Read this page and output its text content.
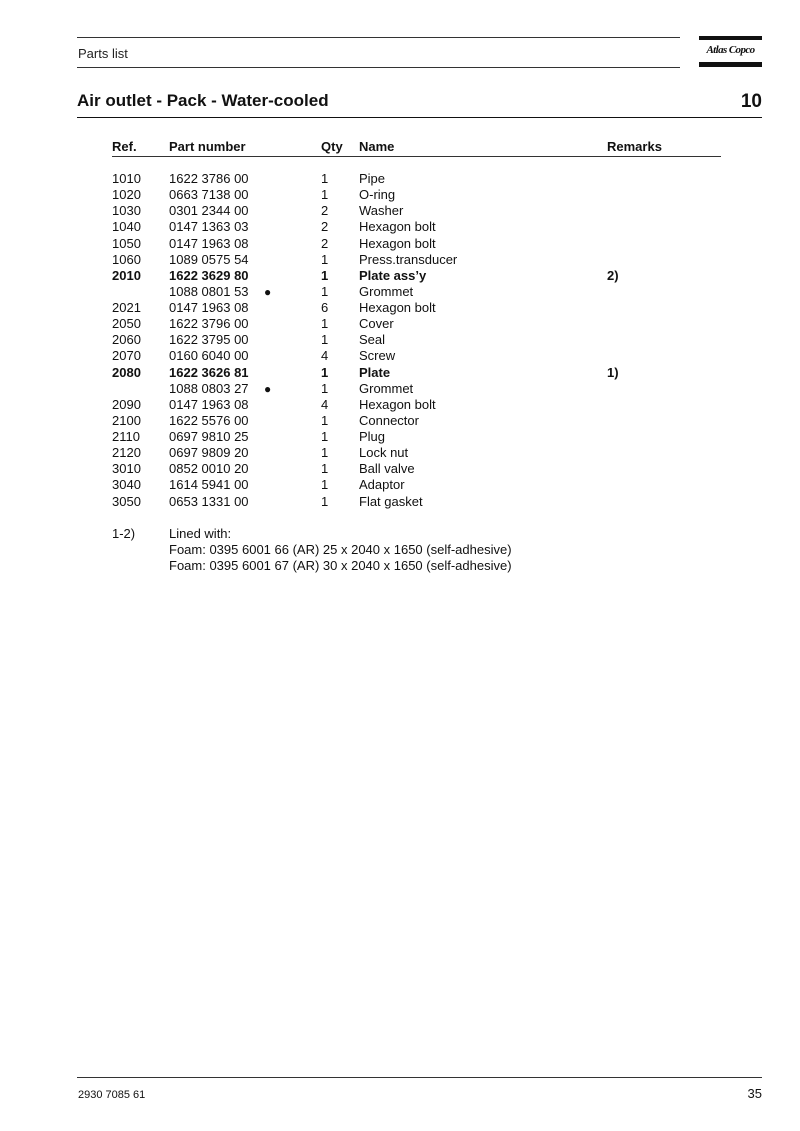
Parts list	Atlas Copco
Air outlet - Pack - Water-cooled	10
Ref. Part number	Qty Name	Remarks
1010 1622 3786 00	1 Pipe
1020 0663 7138 00	1 O-ring
1030 0301 2344 00	2 Washer
1040 0147 1363 03	2 Hexagon bolt
1050 0147 1963 08	2 Hexagon bolt
1060 1089 0575 54	1 Press.transducer
2010 1622 3629 80	1 Plate ass’y	2)
1088 0801 53 ●	1 Grommet
2021 0147 1963 08	6 Hexagon bolt
2050 1622 3796 00	1 Cover
2060 1622 3795 00	1 Seal
2070 0160 6040 00	4 Screw
2080 1622 3626 81	1 Plate	1)
1088 0803 27 ●	1 Grommet
2090 0147 1963 08	4 Hexagon bolt
2100 1622 5576 00	1 Connector
2110 0697 9810 25	1 Plug
2120 0697 9809 20	1 Lock nut
3010 0852 0010 20	1 Ball valve
3040 1614 5941 00	1 Adaptor
3050 0653 1331 00	1 Flat gasket
1-2)	Lined with:
Foam: 0395 6001 66 (AR) 25 x 2040 x 1650 (self-adhesive)
Foam: 0395 6001 67 (AR) 30 x 2040 x 1650 (self-adhesive)
2930 7085 61	35
